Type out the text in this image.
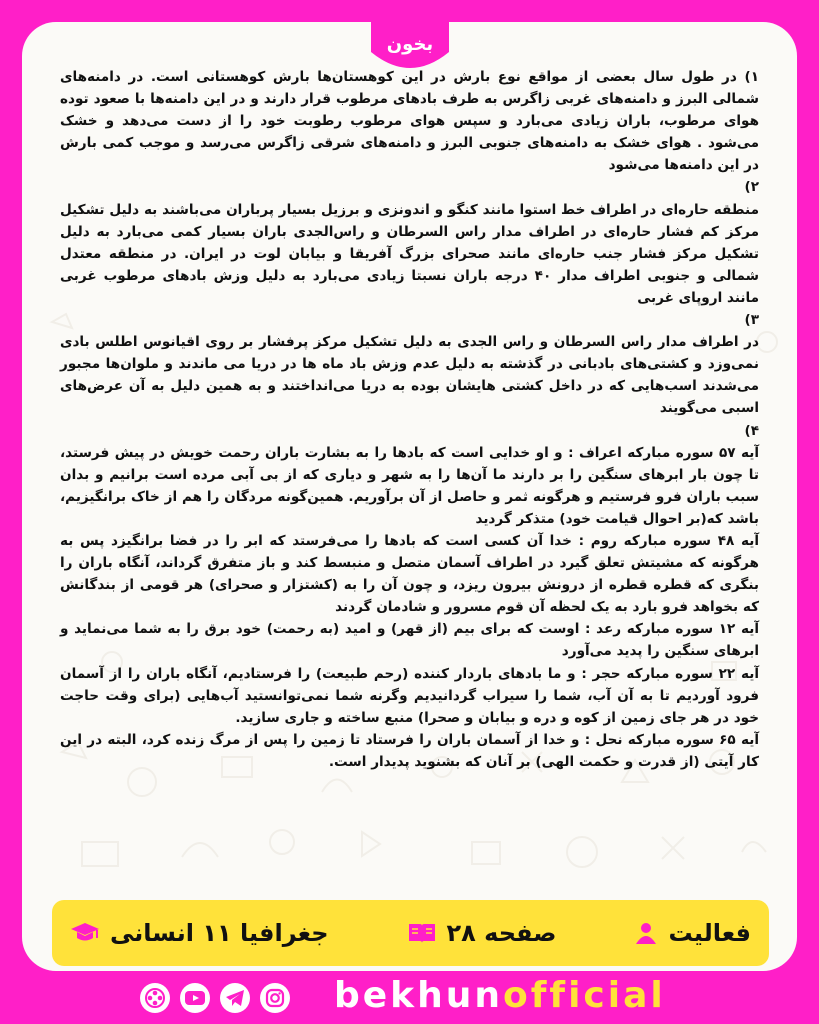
بخون

۱) در طول سال بعضی از مواقع نوع بارش در این کوهستان‌ها بارش کوهستانی است. در دامنه‌های شمالی البرز و دامنه‌های غربی زاگرس به طرف بادهای مرطوب قرار دارند و در این دامنه‌ها با صعود توده هوای مرطوب، باران زیادی می‌بارد و سپس هوای مرطوب رطوبت خود را از دست می‌دهد و خشک می‌شود . هوای خشک به دامنه‌های جنوبی البرز و دامنه‌های شرقی زاگرس می‌رسد و موجب کمی بارش در این دامنه‌ها می‌شود

۲)

منطقه حاره‌ای در اطراف خط استوا مانند کنگو و اندونزی و برزیل بسیار پرباران می‌باشند به دلیل تشکیل مرکز کم فشار حاره‌ای در اطراف مدار راس السرطان و راس‌الجدی باران بسیار کمی می‌بارد به دلیل تشکیل مرکز فشار جنب حاره‌ای مانند صحرای بزرگ آفریقا و بیابان لوت در ایران. در منطقه معتدل شمالی و جنوبی اطراف مدار ۴۰ درجه باران نسبتا زیادی می‌بارد به دلیل وزش بادهای مرطوب غربی مانند اروپای غربی

۳)

در اطراف مدار راس السرطان و راس الجدی به دلیل تشکیل مرکز پرفشار بر روی اقیانوس اطلس بادی نمی‌وزد و کشتی‌های بادبانی در گذشته به دلیل عدم وزش باد ماه ها در دریا می ماندند و ملوان‌ها مجبور می‌شدند اسب‌هایی که در داخل کشتی هایشان بوده به دریا می‌انداختند و به همین دلیل به آن عرض‌های اسبی می‌گویند

۴)

آیه ۵۷ سوره مبارکه اعراف : و او خدایی است که بادها را به بشارت باران رحمت خویش در پیش فرستد، تا چون بار ابرهای سنگین را بر دارند ما آن‌ها را به شهر و دیاری که از بی آبی مرده است برانیم و بدان سبب باران فرو فرستیم و هرگونه ثمر و حاصل از آن برآوریم. همین‌گونه مردگان را هم از خاک برانگیزیم، باشد که(بر احوال قیامت خود) متذکر گردید

آیه ۴۸ سوره مبارکه روم : خدا آن کسی است که بادها را می‌فرستد که ابر را در فضا برانگیزد پس به هرگونه که مشیتش تعلق گیرد در اطراف آسمان متصل و منبسط کند و باز متفرق گرداند، آنگاه باران را بنگری که قطره قطره از درونش بیرون ریزد، و چون آن را به (کشتزار و صحرای) هر قومی از بندگانش که بخواهد فرو بارد به یک لحظه آن قوم مسرور و شادمان گردند

آیه ۱۲ سوره مبارکه رعد : اوست که برای بیم (از قهر) و امید (به رحمت) خود برق را به شما می‌نماید و ابرهای سنگین را پدید می‌آورد

آیه ۲۲ سوره مبارکه حجر : و ما بادهای باردار کننده (رحم طبیعت) را فرستادیم، آنگاه باران را از آسمان فرود آوردیم تا به آن آب، شما را سیراب گردانیدیم وگرنه شما نمی‌توانستید آب‌هایی (برای وقت حاجت خود در هر جای زمین از کوه و دره و بیابان و صحرا) منبع ساخته و جاری سازید.

آیه ۶۵ سوره مبارکه نحل : و خدا از آسمان باران را فرستاد تا زمین را پس از مرگ زنده کرد، البته در این کار آیتی (از قدرت و حکمت الهی) بر آنان که بشنوید پدیدار است.

فعالیت
صفحه ۲۸
جغرافیا ۱۱ انسانی
bekhunofficial
